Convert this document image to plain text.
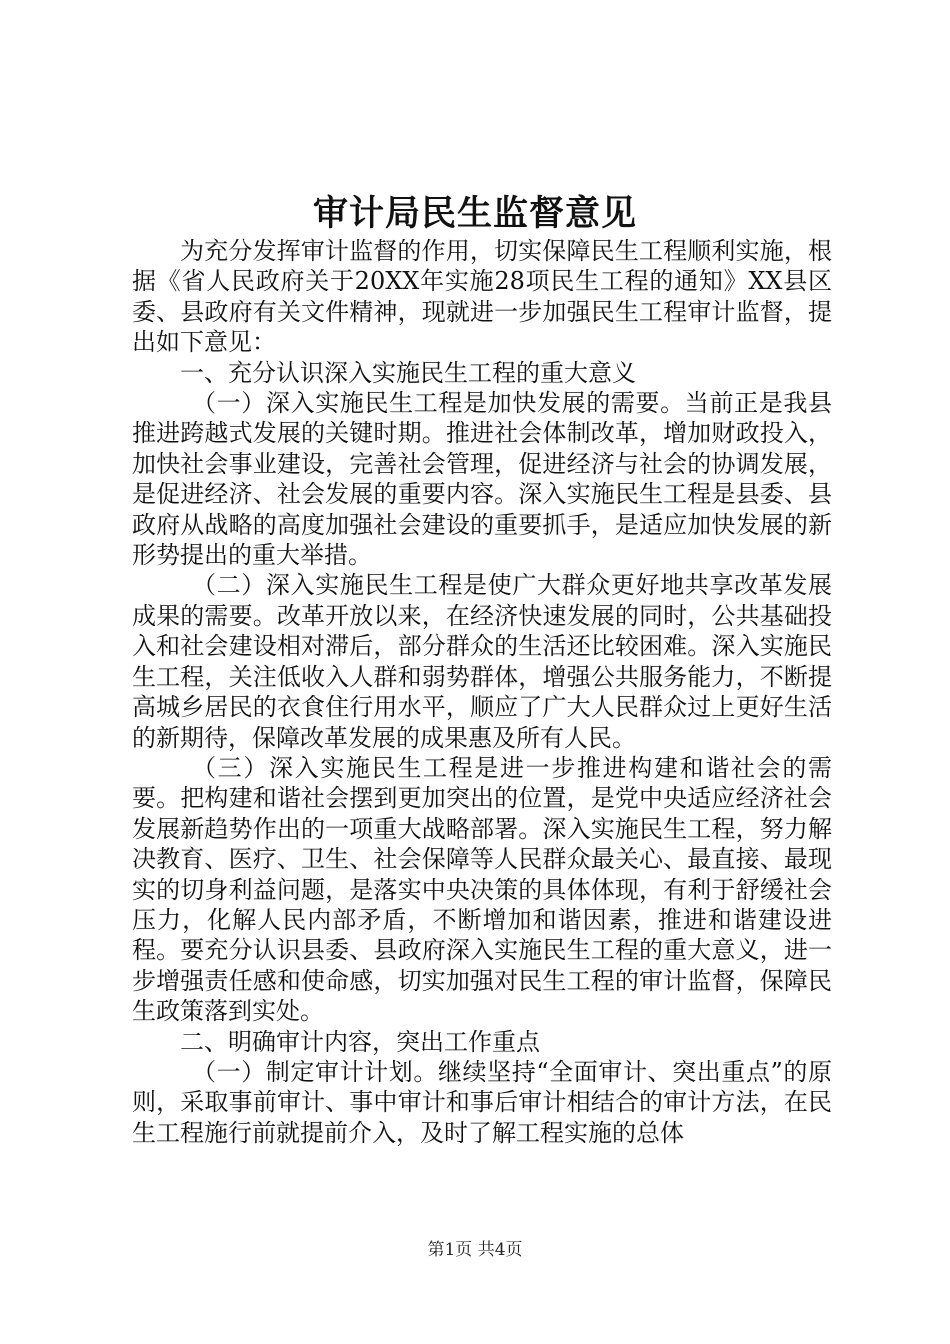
审计局民生监督意见

为充分发挥审计监督的作用，切实保障民生工程顺利实施，根据《省人民政府关于20XX年实施28项民生工程的通知》XX县区委、县政府有关文件精神，现就进一步加强民生工程审计监督，提出如下意见：

一、充分认识深入实施民生工程的重大意义

（一）深入实施民生工程是加快发展的需要。当前正是我县推进跨越式发展的关键时期。推进社会体制改革，增加财政投入，加快社会事业建设，完善社会管理，促进经济与社会的协调发展，是促进经济、社会发展的重要内容。深入实施民生工程是县委、县政府从战略的高度加强社会建设的重要抓手，是适应加快发展的新形势提出的重大举措。

（二）深入实施民生工程是使广大群众更好地共享改革发展成果的需要。改革开放以来，在经济快速发展的同时，公共基础投入和社会建设相对滞后，部分群众的生活还比较困难。深入实施民生工程，关注低收入人群和弱势群体，增强公共服务能力，不断提高城乡居民的衣食住行用水平，顺应了广大人民群众过上更好生活的新期待，保障改革发展的成果惠及所有人民。

（三）深入实施民生工程是进一步推进构建和谐社会的需要。把构建和谐社会摆到更加突出的位置，是党中央适应经济社会发展新趋势作出的一项重大战略部署。深入实施民生工程，努力解决教育、医疗、卫生、社会保障等人民群众最关心、最直接、最现实的切身利益问题，是落实中央决策的具体体现，有利于舒缓社会压力，化解人民内部矛盾，不断增加和谐因素，推进和谐建设进程。要充分认识县委、县政府深入实施民生工程的重大意义，进一步增强责任感和使命感，切实加强对民生工程的审计监督，保障民生政策落到实处。

二、明确审计内容，突出工作重点

（一）制定审计计划。继续坚持“全面审计、突出重点”的原则，采取事前审计、事中审计和事后审计相结合的审计方法，在民生工程施行前就提前介入，及时了解工程实施的总体

第1页 共4页
